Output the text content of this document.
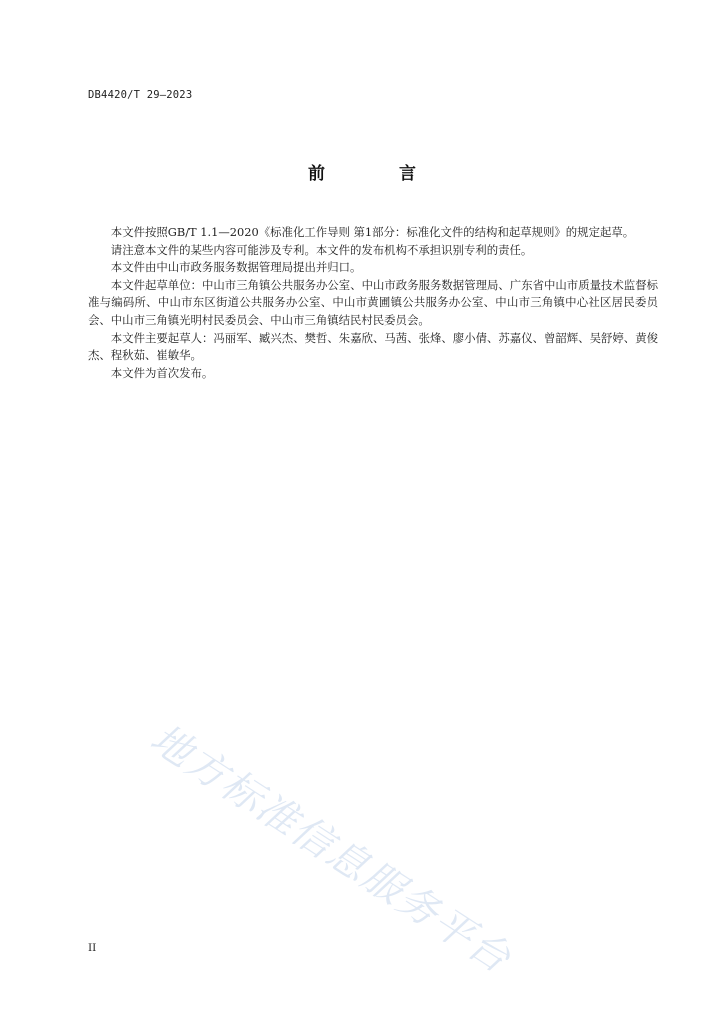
DB4420/T 29—2023
前 言

本文件按照GB/T 1.1—2020《标准化工作导则 第1部分：标准化文件的结构和起草规则》的规定起草。

请注意本文件的某些内容可能涉及专利。本文件的发布机构不承担识别专利的责任。

本文件由中山市政务服务数据管理局提出并归口。

本文件起草单位：中山市三角镇公共服务办公室、中山市政务服务数据管理局、广东省中山市质量技术监督标准与编码所、中山市东区街道公共服务办公室、中山市黄圃镇公共服务办公室、中山市三角镇中心社区居民委员会、中山市三角镇光明村民委员会、中山市三角镇结民村民委员会。

本文件主要起草人：冯丽军、臧兴杰、樊哲、朱嘉欣、马茜、张烽、廖小倩、苏嘉仪、曾韶辉、吴舒婷、黄俊杰、程秋茹、崔敏华。

本文件为首次发布。

地方标准信息服务平台
II
